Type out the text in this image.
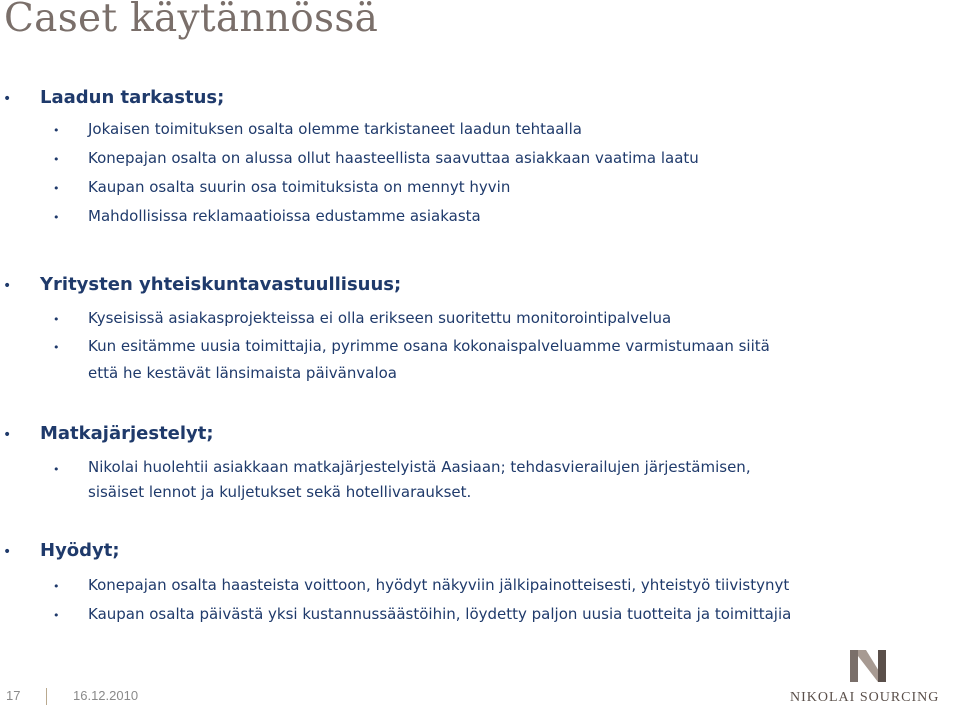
Caset käytännössä
• Laadun tarkastus;
• Jokaisen toimituksen osalta olemme tarkistaneet laadun tehtaalla
• Konepajan osalta on alussa ollut haasteellista saavuttaa asiakkaan vaatima laatu
• Kaupan osalta suurin osa toimituksista on mennyt hyvin
• Mahdollisissa reklamaatioissa edustamme asiakasta
• Yritysten yhteiskuntavastuullisuus;
• Kyseisissä asiakasprojekteissa ei olla erikseen suoritettu monitorointipalvelua
• Kun esitämme uusia toimittajia, pyrimme osana kokonaispalveluamme varmistumaan siitä
että he kestävät länsimaista päivänvaloa
• Matkajärjestelyt;
• Nikolai huolehtii asiakkaan matkajärjestelyistä Aasiaan; tehdasvierailujen järjestämisen,
sisäiset lennot ja kuljetukset sekä hotellivaraukset.
• Hyödyt;
• Konepajan osalta haasteista voittoon, hyödyt näkyviin jälkipainotteisesti, yhteistyö tiivistynyt
• Kaupan osalta päivästä yksi kustannussäästöihin, löydetty paljon uusia tuotteita ja toimittajia
17	16.12.2010	NIKOLAI SOURCING
